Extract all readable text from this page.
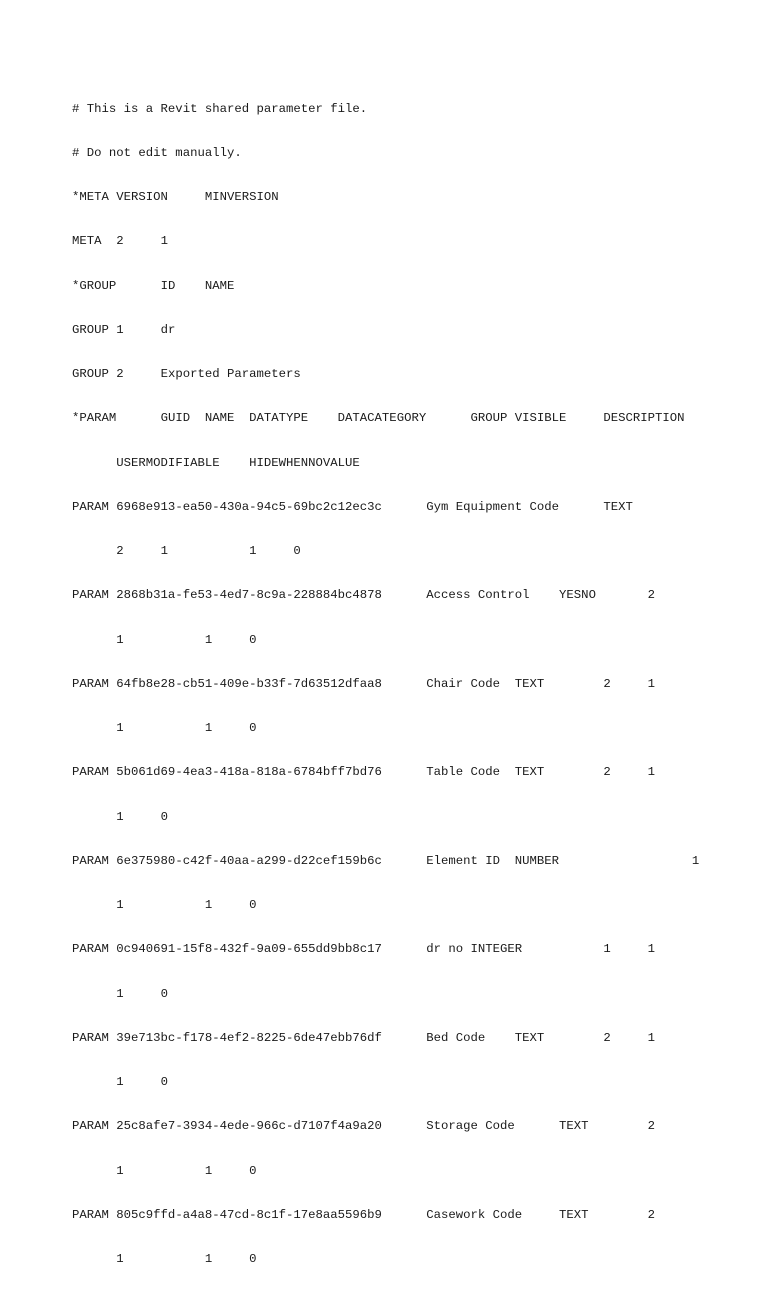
# This is a Revit shared parameter file.

# Do not edit manually.

*META	VERSION	MINVERSION

META	2	1

*GROUP	ID	NAME

GROUP	1	dr

GROUP	2	Exported Parameters

*PARAM	GUID	NAME	DATATYPE	DATACATEGORY	GROUP	VISIBLE	DESCRIPTION

	USERMODIFIABLE	HIDEWHENNOVALUE

PARAM	6968e913-ea50-430a-94c5-69bc2c12ec3c	Gym Equipment Code	TEXT

	2	1		1	0

PARAM	2868b31a-fe53-4ed7-8c9a-228884bc4878	Access Control	YESNO		2

	1		1	0

PARAM	64fb8e28-cb51-409e-b33f-7d63512dfaa8	Chair Code	TEXT		2	1

	1		1	0

PARAM	5b061d69-4ea3-418a-818a-6784bff7bd76	Table Code	TEXT		2	1

	1	0

PARAM	6e375980-c42f-40aa-a299-d22cef159b6c	Element ID	NUMBER			1

	1		1	0

PARAM	0c940691-15f8-432f-9a09-655dd9bb8c17	dr no	INTEGER		1	1

	1	0

PARAM	39e713bc-f178-4ef2-8225-6de47ebb76df	Bed Code	TEXT		2	1

	1	0

PARAM	25c8afe7-3934-4ede-966c-d7107f4a9a20	Storage Code	TEXT		2

	1		1	0

PARAM	805c9ffd-a4a8-47cd-8c1f-17e8aa5596b9	Casework Code	TEXT		2

	1		1	0
